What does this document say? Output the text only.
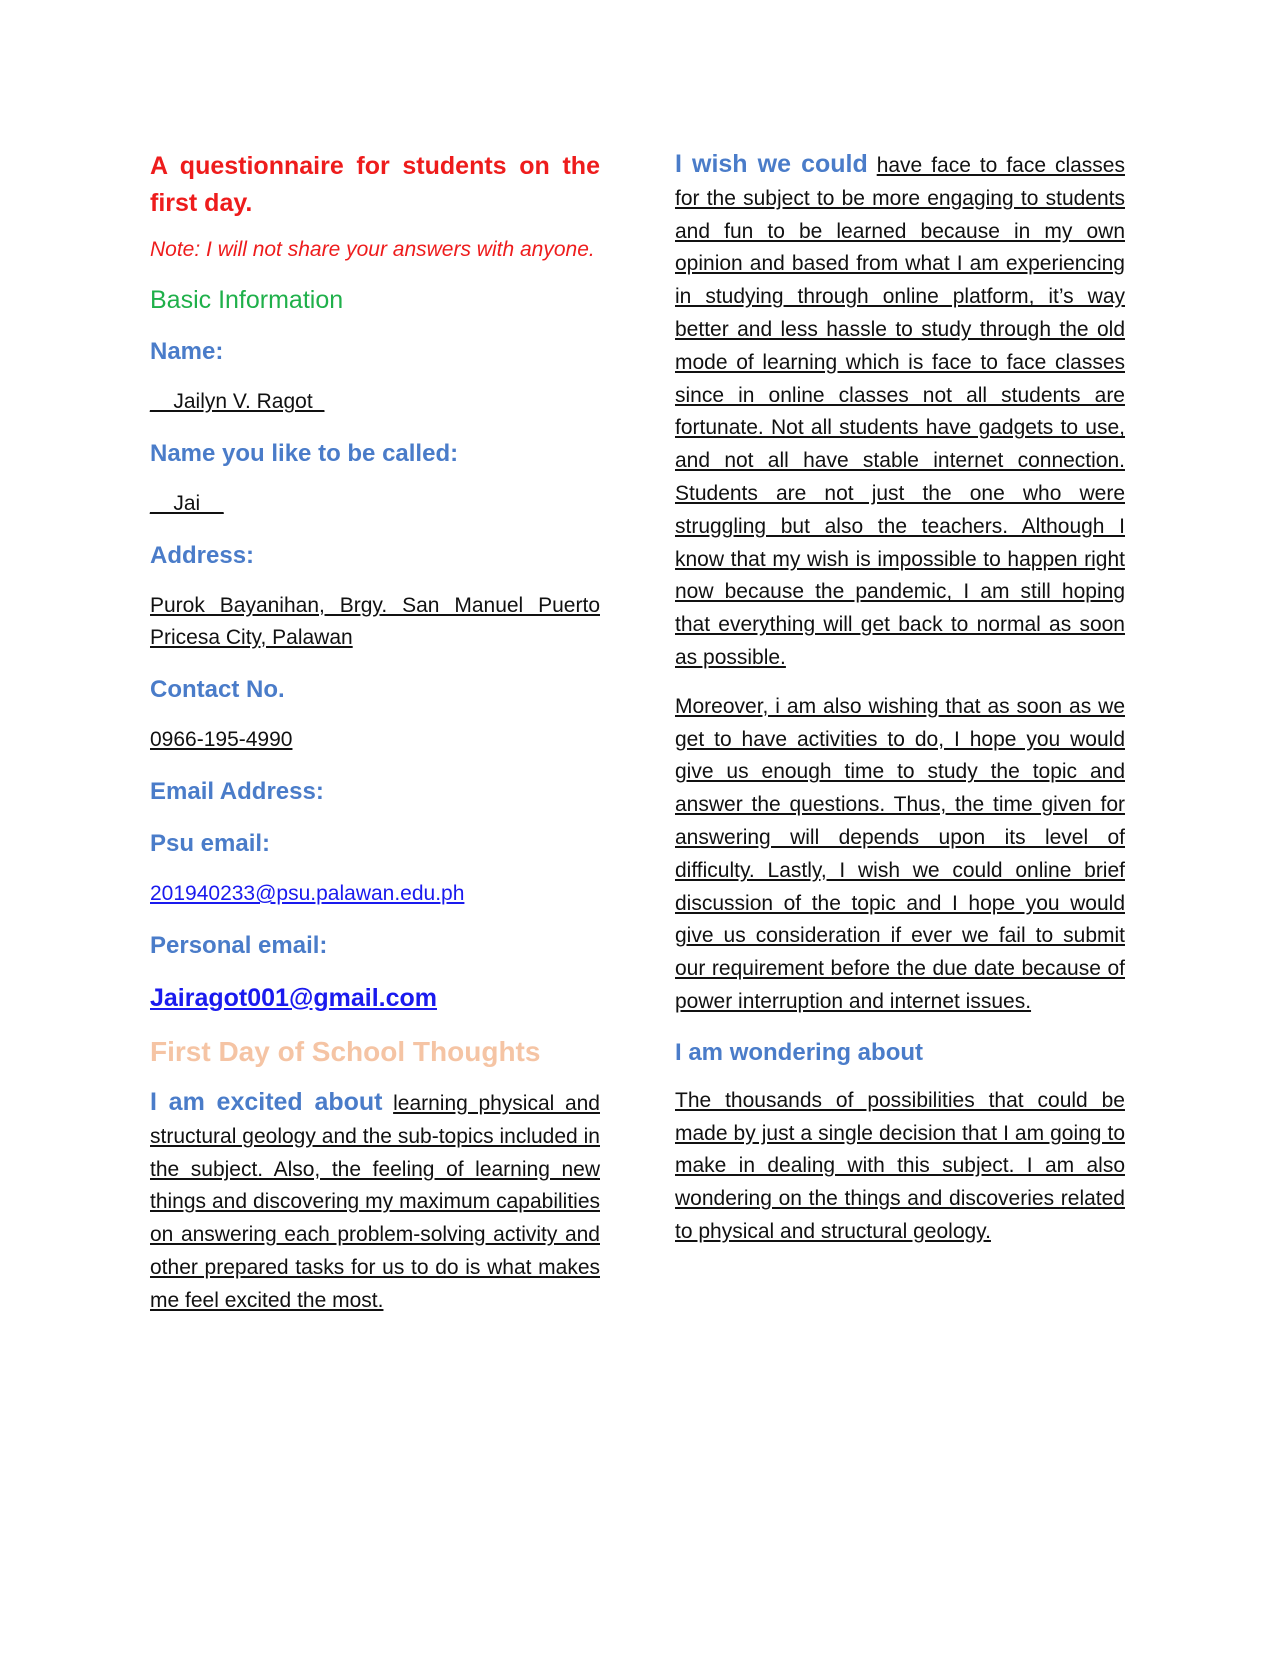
A questionnaire for students on the first day.

Note: I will not share your answers with anyone.

Basic Information

Name:

__Jailyn V. Ragot_

Name you like to be called:

__Jai__

Address:

Purok Bayanihan, Brgy. San Manuel Puerto Pricesa City, Palawan

Contact No.

0966-195-4990

Email Address:

Psu email:

201940233@psu.palawan.edu.ph

Personal email:

Jairagot001@gmail.com

First Day of School Thoughts

I am excited about learning physical and structural geology and the sub-topics included in the subject. Also, the feeling of learning new things and discovering my maximum capabilities on answering each problem-solving activity and other prepared tasks for us to do is what makes me feel excited the most.

I wish we could have face to face classes for the subject to be more engaging to students and fun to be learned because in my own opinion and based from what I am experiencing in studying through online platform, it’s way better and less hassle to study through the old mode of learning which is face to face classes since in online classes not all students are fortunate. Not all students have gadgets to use, and not all have stable internet connection. Students are not just the one who were struggling but also the teachers. Although I know that my wish is impossible to happen right now because the pandemic, I am still hoping that everything will get back to normal as soon as possible.

Moreover, i am also wishing that as soon as we get to have activities to do, I hope you would give us enough time to study the topic and answer the questions. Thus, the time given for answering will depends upon its level of difficulty. Lastly, I wish we could online brief discussion of the topic and I hope you would give us consideration if ever we fail to submit our requirement before the due date because of power interruption and internet issues.

I am wondering about

The thousands of possibilities that could be made by just a single decision that I am going to make in dealing with this subject. I am also wondering on the things and discoveries related to physical and structural geology.
